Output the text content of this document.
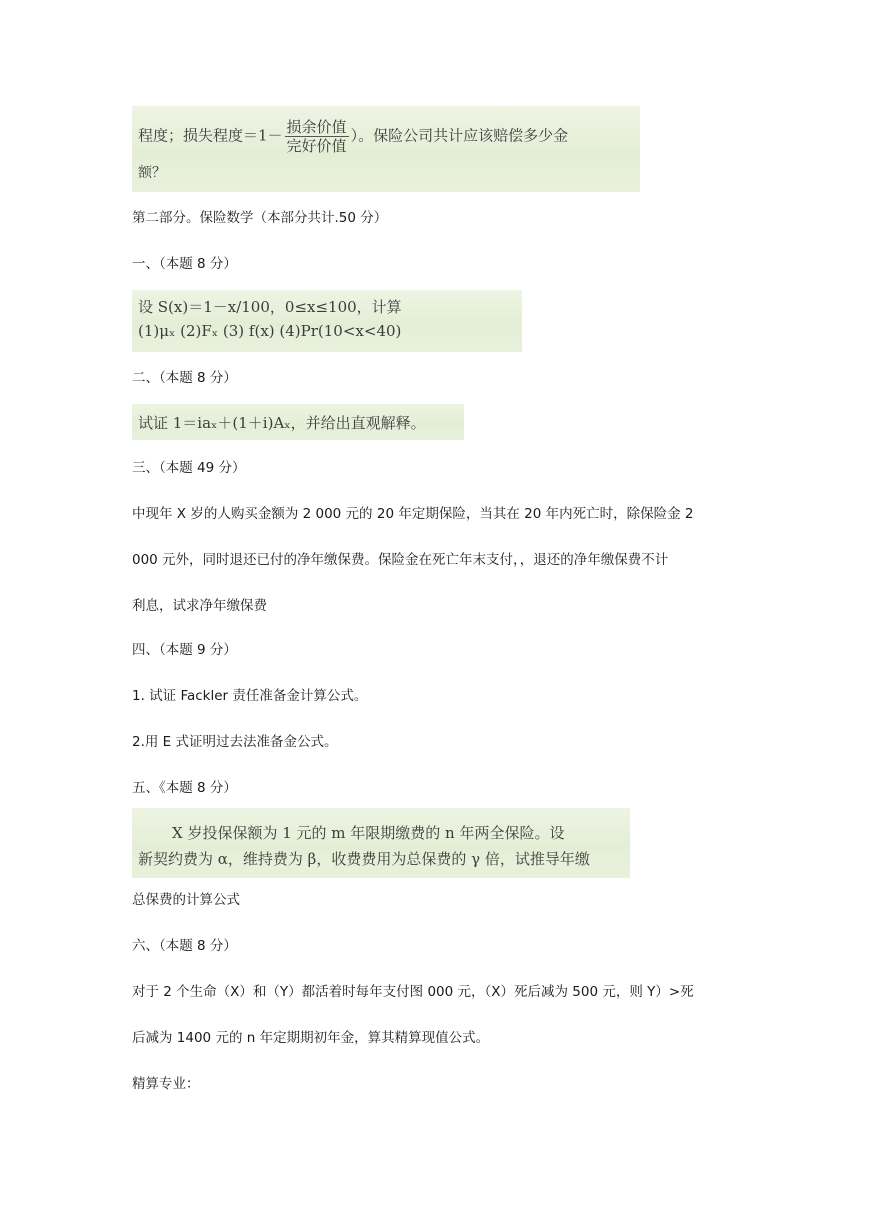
程度；损失程度$=1- \frac{\text{损余价值}}{\text{完好价值}}$ ）。保险公司共计应该赔偿多少金
额？
第二部分。保险数学（本部分共计.50 分）
一、（本题 8 分）
设 S(x)＝1－x/100，0≤x≤100，计算
(1)μₓ (2)Fₓ (3) f(x) (4)Pr(10<x<40)
二、（本题 8 分）
试证 1＝iaₓ＋(1＋i)Aₓ，并给出直观解释。
三、（本题 49 分）
中现年 X 岁的人购买金额为 2 000 元的 20 年定期保险，当其在 20 年内死亡时，除保险金 2
000 元外，同时退还已付的净年缴保费。保险金在死亡年末支付，，退还的净年缴保费不计
利息，试求净年缴保费
四、（本题 9 分）
1. 试证 Fackler 责任准备金计算公式。
2.用 E 式证明过去法准备金公式。
五、《本题 8 分）
X 岁投保保额为 1 元的 m 年限期缴费的 n 年两全保险。设
新契约费为 α，维持费为 β，收费费用为总保费的 γ 倍，试推导年缴
总保费的计算公式
六、（本题 8 分）
对于 2 个生命（X）和（Y）都活着时每年支付图 000 元，（X）死后减为 500 元，则 Y）>死
后减为 1400 元的 n 年定期期初年金，算其精算现值公式。
精算专业：
